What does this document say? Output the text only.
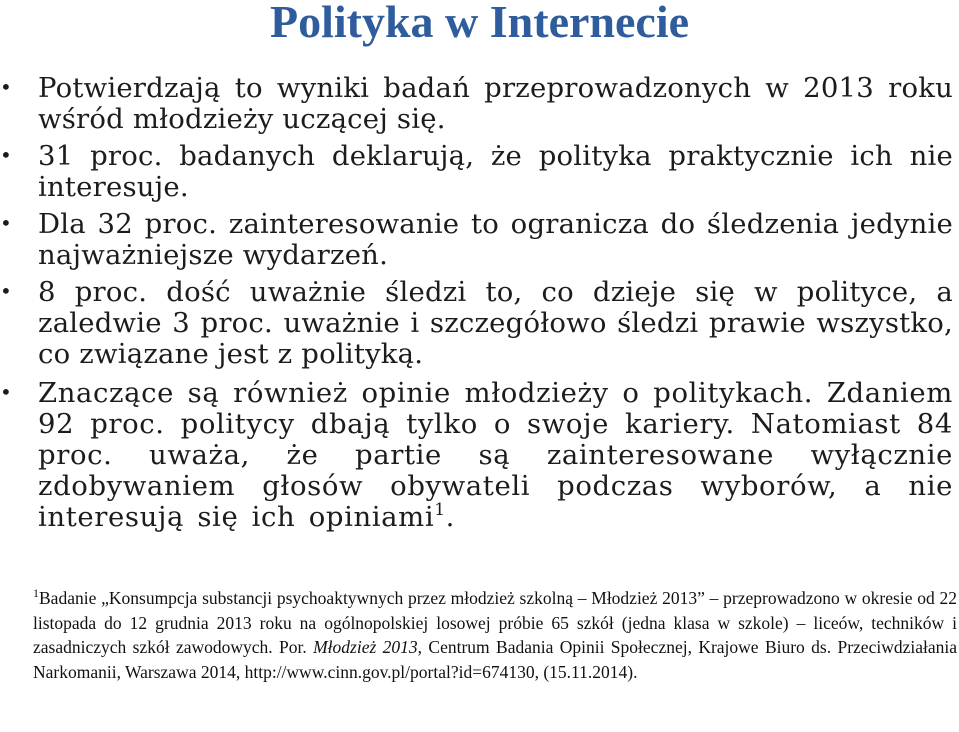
Polityka w Internecie
• Potwierdzają to wyniki badań przeprowadzonych w 2013 roku wśród młodzieży uczącej się.
• 31 proc. badanych deklarują, że polityka praktycznie ich nie interesuje.
• Dla 32 proc. zainteresowanie to ogranicza do śledzenia jedynie najważniejsze wydarzeń.
• 8 proc. dość uważnie śledzi to, co dzieje się w polityce, a zaledwie 3 proc. uważnie i szczegółowo śledzi prawie wszystko, co związane jest z polityką.
• Znaczące są również opinie młodzieży o politykach. Zdaniem 92 proc. politycy dbają tylko o swoje kariery. Natomiast 84 proc. uważa, że partie są zainteresowane wyłącznie zdobywaniem głosów obywateli podczas wyborów, a nie interesują się ich opiniami$^1$.

$^1$Badanie „Konsumpcja substancji psychoaktywnych przez młodzież szkolną – Młodzież 2013” – przeprowadzono w okresie od 22 listopada do 12 grudnia 2013 roku na ogólnopolskiej losowej próbie 65 szkół (jedna klasa w szkole) – liceów, techników i zasadniczych szkół zawodowych. Por. Młodzież 2013, Centrum Badania Opinii Społecznej, Krajowe Biuro ds. Przeciwdziałania Narkomanii, Warszawa 2014, http://www.cinn.gov.pl/portal?id=674130, (15.11.2014).
